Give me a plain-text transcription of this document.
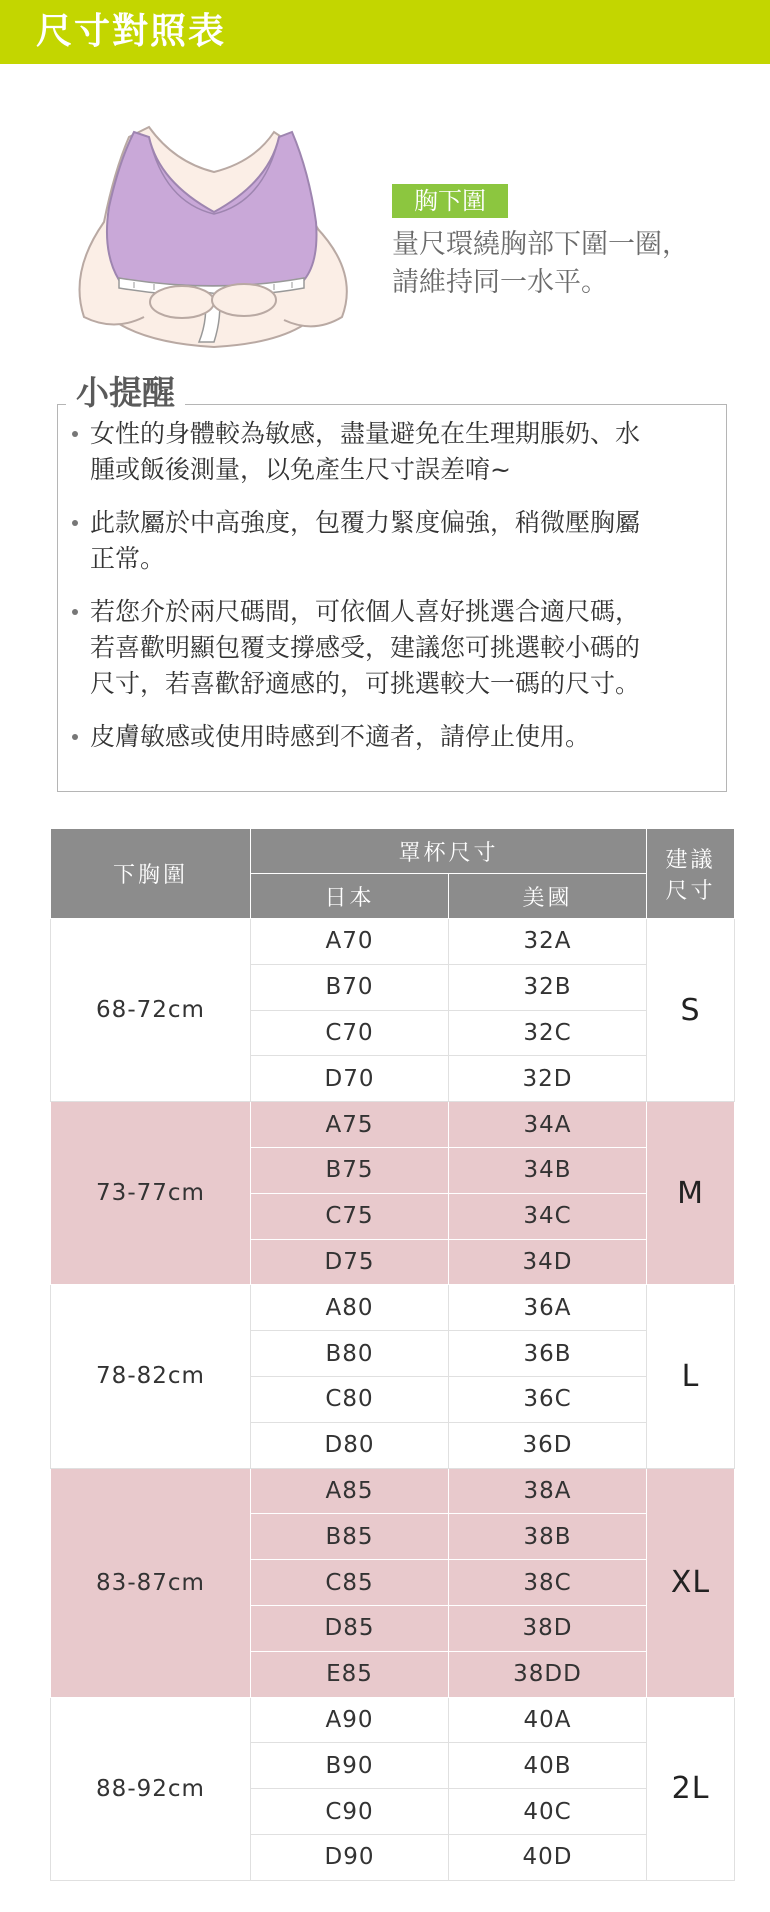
尺寸對照表
胸下圍
量尺環繞胸部下圍一圈，
請維持同一水平。
小提醒
女性的身體較為敏感，盡量避免在生理期脹奶、水
腫或飯後測量，以免產生尺寸誤差唷~
此款屬於中高強度，包覆力緊度偏強，稍微壓胸屬
正常。
若您介於兩尺碼間，可依個人喜好挑選合適尺碼，
若喜歡明顯包覆支撐感受，建議您可挑選較小碼的
尺寸，若喜歡舒適感的，可挑選較大一碼的尺寸。
皮膚敏感或使用時感到不適者，請停止使用。
下胸圍	罩杯尺寸		建議
尺寸

	日本	美國	
68-72cm	A70	32A	S
	B70	32B	
	C70	32C	
	D70	32D	
73-77cm	A75	34A	M
	B75	34B	
	C75	34C	
	D75	34D	
78-82cm	A80	36A	L
	B80	36B	
	C80	36C	
	D80	36D	
83-87cm	A85	38A	XL
	B85	38B	
	C85	38C	
	D85	38D	
	E85	38DD	
88-92cm	A90	40A	2L
	B90	40B	
	C90	40C	
	D90	40D	
